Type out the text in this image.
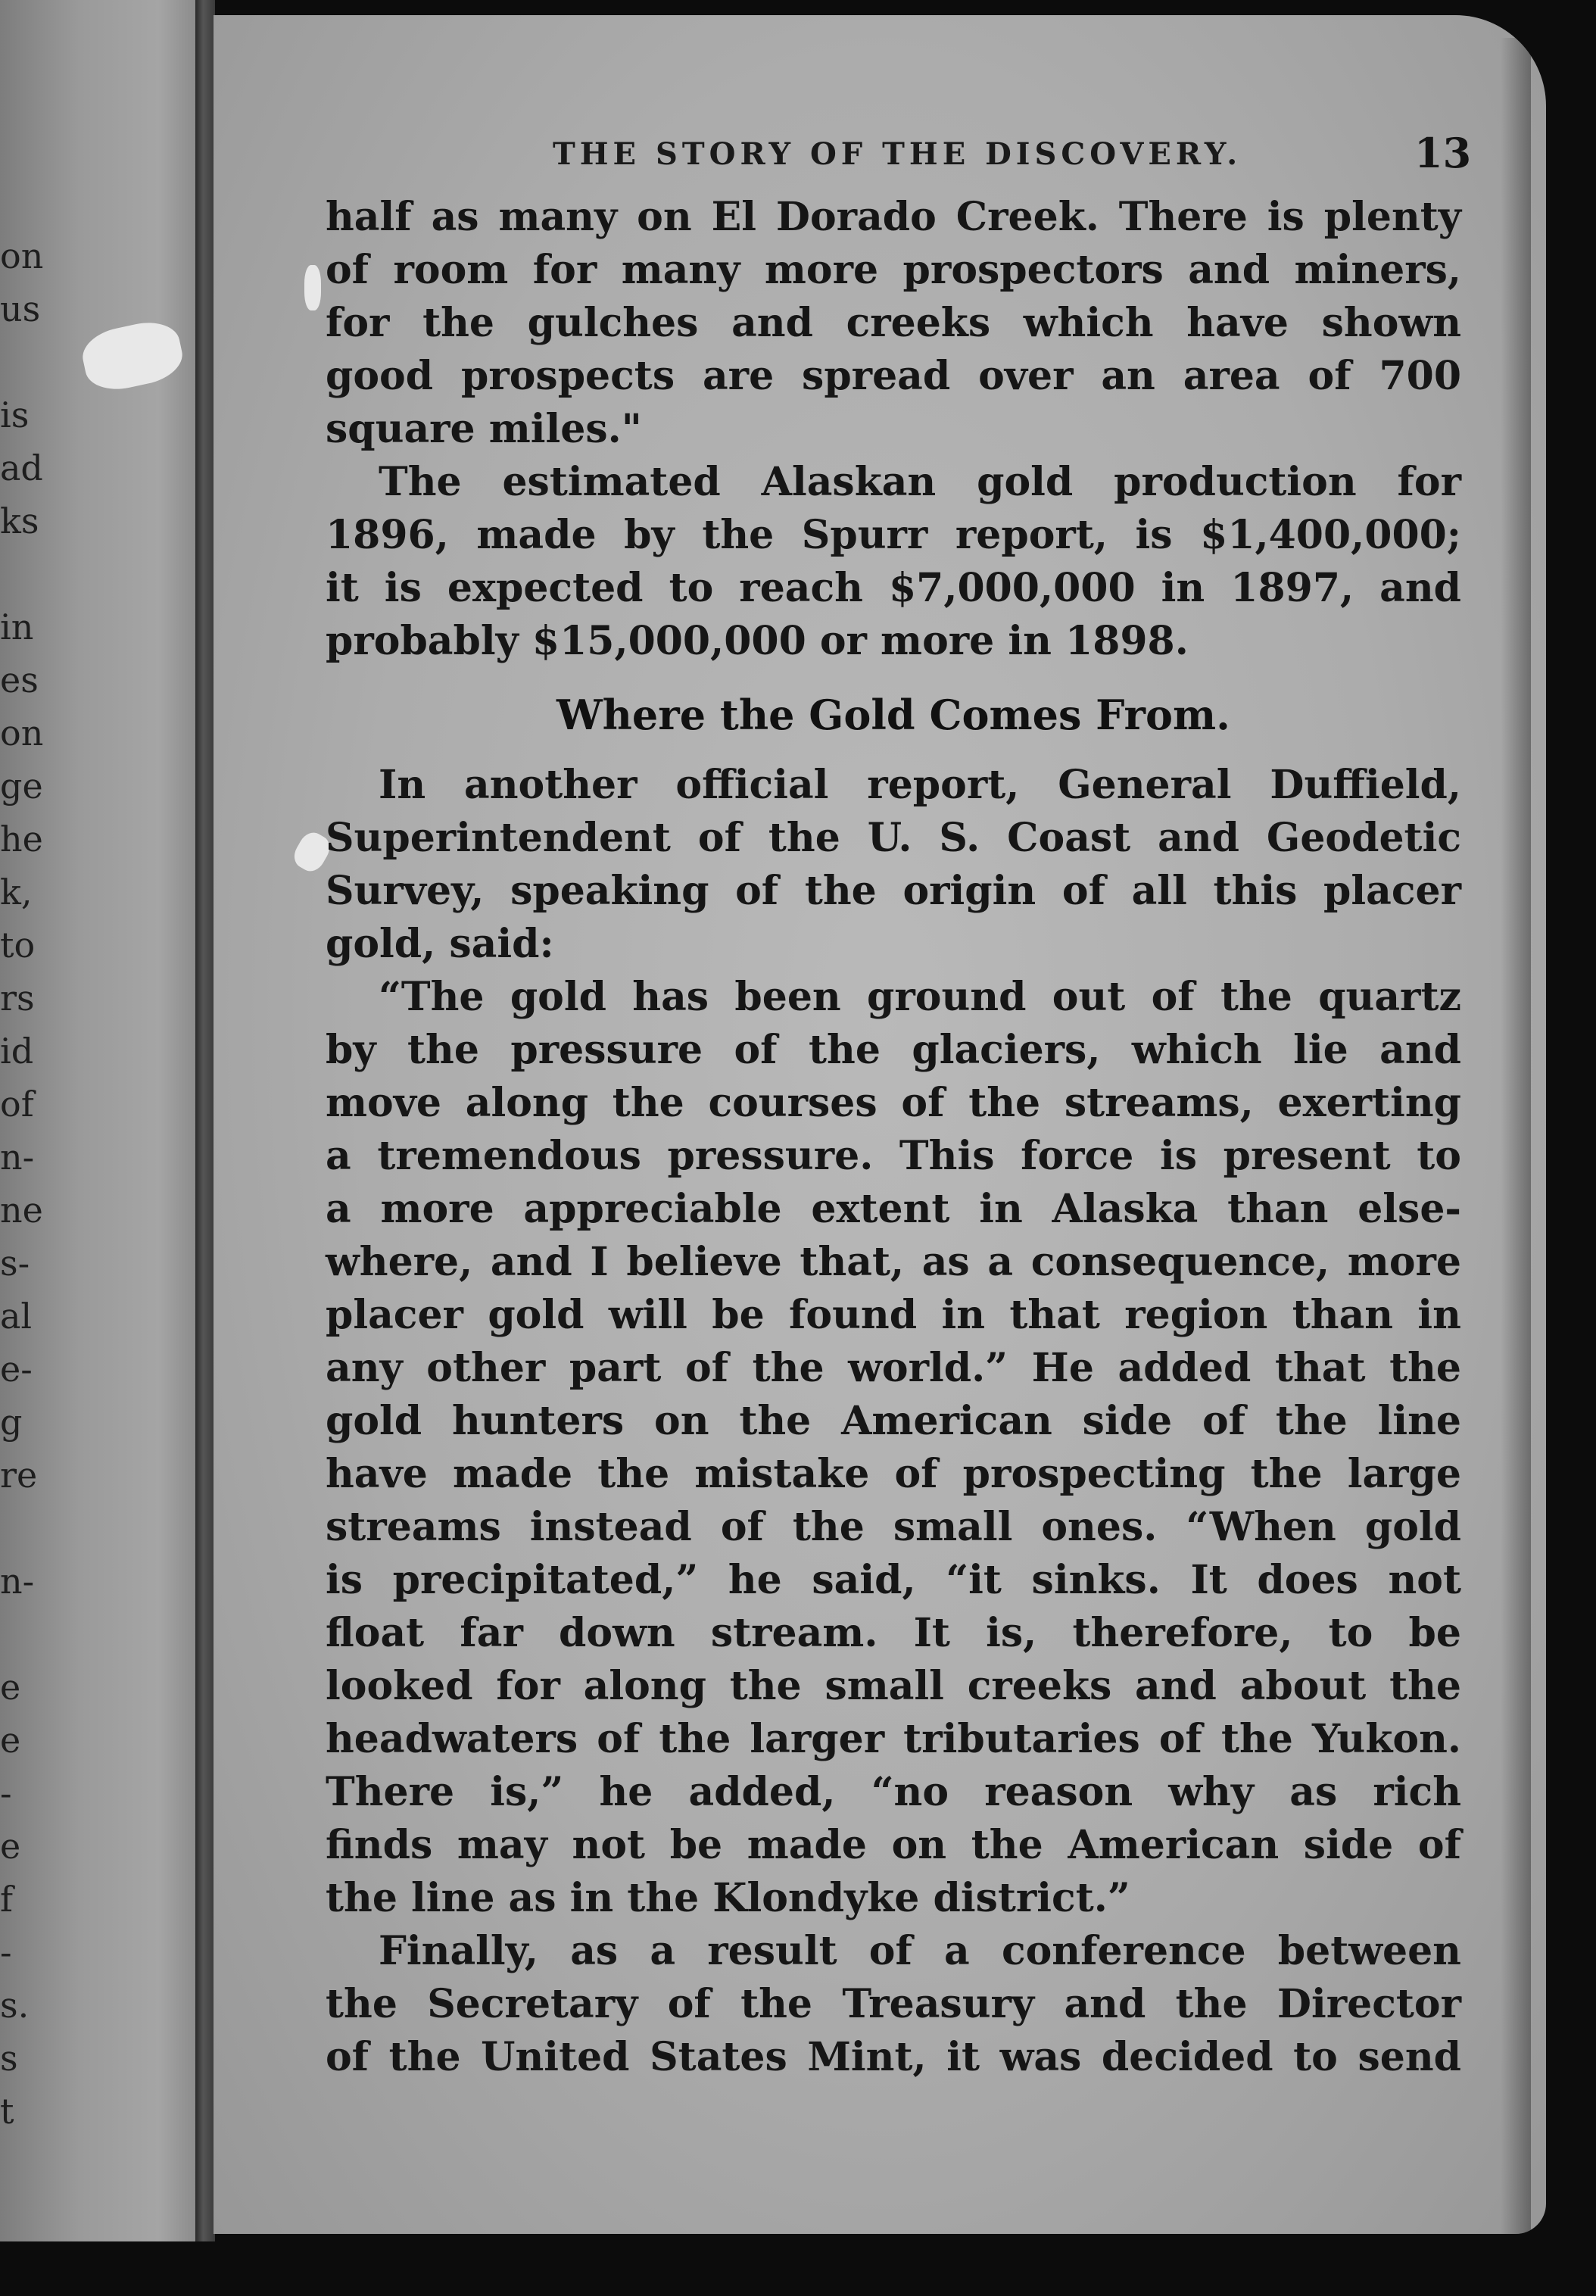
on
us
is
ad
ks
in
es
on
ge
he
k,
to
rs
id
of
n-
ne
s-
al
e-
g
re
n-
e
e
-
e
f
-
s.
s
t
THE STORY OF THE DISCOVERY.	13
half as many on El Dorado Creek. There is plenty
of room for many more prospectors and miners,
for the gulches and creeks which have shown
good prospects are spread over an area of 700
square miles."
The estimated Alaskan gold production for
1896, made by the Spurr report, is $1,400,000;
it is expected to reach $7,000,000 in 1897, and
probably $15,000,000 or more in 1898.
Where the Gold Comes From.
In another official report, General Duffield,
Superintendent of the U. S. Coast and Geodetic
Survey, speaking of the origin of all this placer
gold, said:
“The gold has been ground out of the quartz
by the pressure of the glaciers, which lie and
move along the courses of the streams, exerting
a tremendous pressure. This force is present to
a more appreciable extent in Alaska than else-
where, and I believe that, as a consequence, more
placer gold will be found in that region than in
any other part of the world.” He added that the
gold hunters on the American side of the line
have made the mistake of prospecting the large
streams instead of the small ones. “When gold
is precipitated,” he said, “it sinks. It does not
float far down stream. It is, therefore, to be
looked for along the small creeks and about the
headwaters of the larger tributaries of the Yukon.
There is,” he added, “no reason why as rich
finds may not be made on the American side of
the line as in the Klondyke district.”
Finally, as a result of a conference between
the Secretary of the Treasury and the Director
of the United States Mint, it was decided to send
